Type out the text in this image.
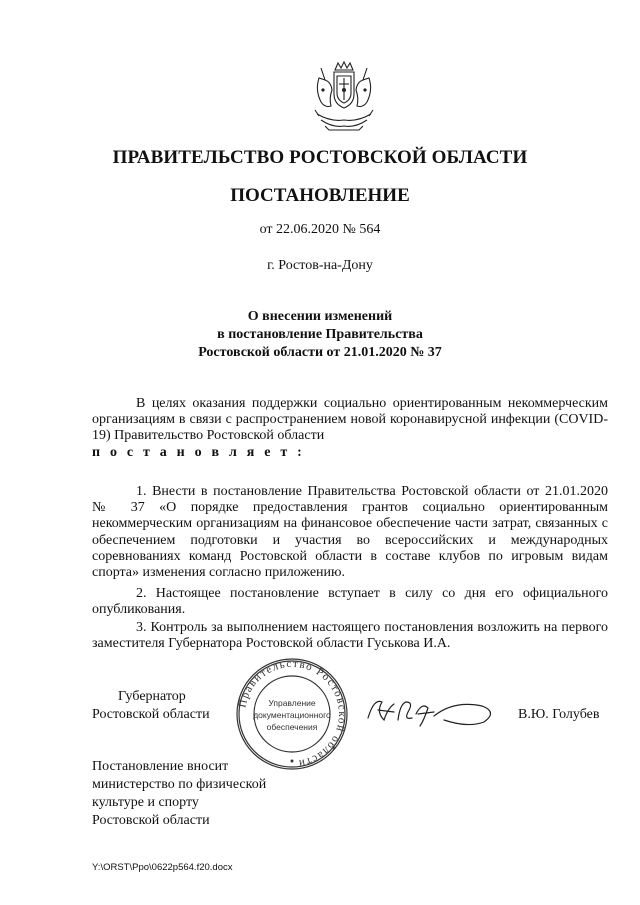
ПРАВИТЕЛЬСТВО РОСТОВСКОЙ ОБЛАСТИ
ПОСТАНОВЛЕНИЕ
от 22.06.2020 № 564
г. Ростов-на-Дону
О внесении изменений
в постановление Правительства
Ростовской области от 21.01.2020 № 37
В целях оказания поддержки социально ориентированным некоммерческим организациям в связи с распространением новой коронавирусной инфекции (COVID-19) Правительство Ростовской области
п о с т а н о в л я е т :
1. Внести в постановление Правительства Ростовской области от 21.01.2020 № 37 «О порядке предоставления грантов социально ориентированным некоммерческим организациям на финансовое обеспечение части затрат, связанных с обеспечением подготовки и участия во всероссийских и международных соревнованиях команд Ростовской области в составе клубов по игровым видам спорта» изменения согласно приложению.
2. Настоящее постановление вступает в силу со дня его официального опубликования.
3. Контроль за выполнением настоящего постановления возложить на первого заместителя Губернатора Ростовской области Гуськова И.А.
Губернатор
Ростовской области
Правительство Ростовской области
Управление
документационного
обеспечения
В.Ю. Голубев
Постановление вносит
министерство по физической
культуре и спорту
Ростовской области
Y:\ORST\Ppo\0622p564.f20.docx
